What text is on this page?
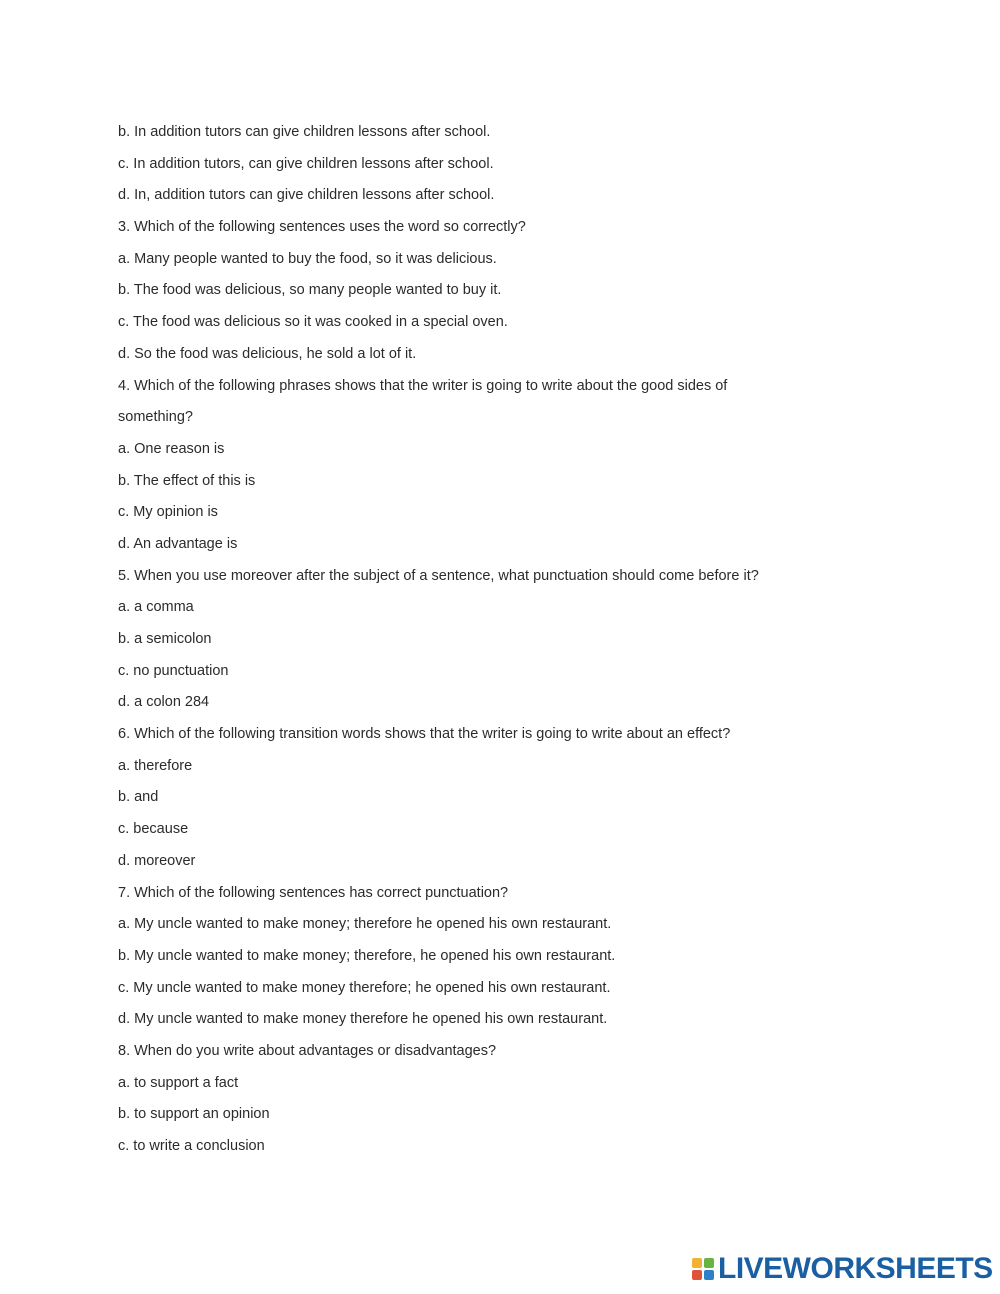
b. In addition tutors can give children lessons after school.
c. In addition tutors, can give children lessons after school.
d. In, addition tutors can give children lessons after school.
3. Which of the following sentences uses the word so correctly?
a. Many people wanted to buy the food, so it was delicious.
b. The food was delicious, so many people wanted to buy it.
c. The food was delicious so it was cooked in a special oven.
d. So the food was delicious, he sold a lot of it.
4. Which of the following phrases shows that the writer is going to write about the good sides of
something?
a. One reason is
b. The effect of this is
c. My opinion is
d. An advantage is
5. When you use moreover after the subject of a sentence, what punctuation should come before it?
a. a comma
b. a semicolon
c. no punctuation
d. a colon 284
6. Which of the following transition words shows that the writer is going to write about an effect?
a. therefore
b. and
c. because
d. moreover
7. Which of the following sentences has correct punctuation?
a. My uncle wanted to make money; therefore he opened his own restaurant.
b. My uncle wanted to make money; therefore, he opened his own restaurant.
c. My uncle wanted to make money therefore; he opened his own restaurant.
d. My uncle wanted to make money therefore he opened his own restaurant.
8. When do you write about advantages or disadvantages?
a. to support a fact
b. to support an opinion
c. to write a conclusion
LIVEWORKSHEETS
